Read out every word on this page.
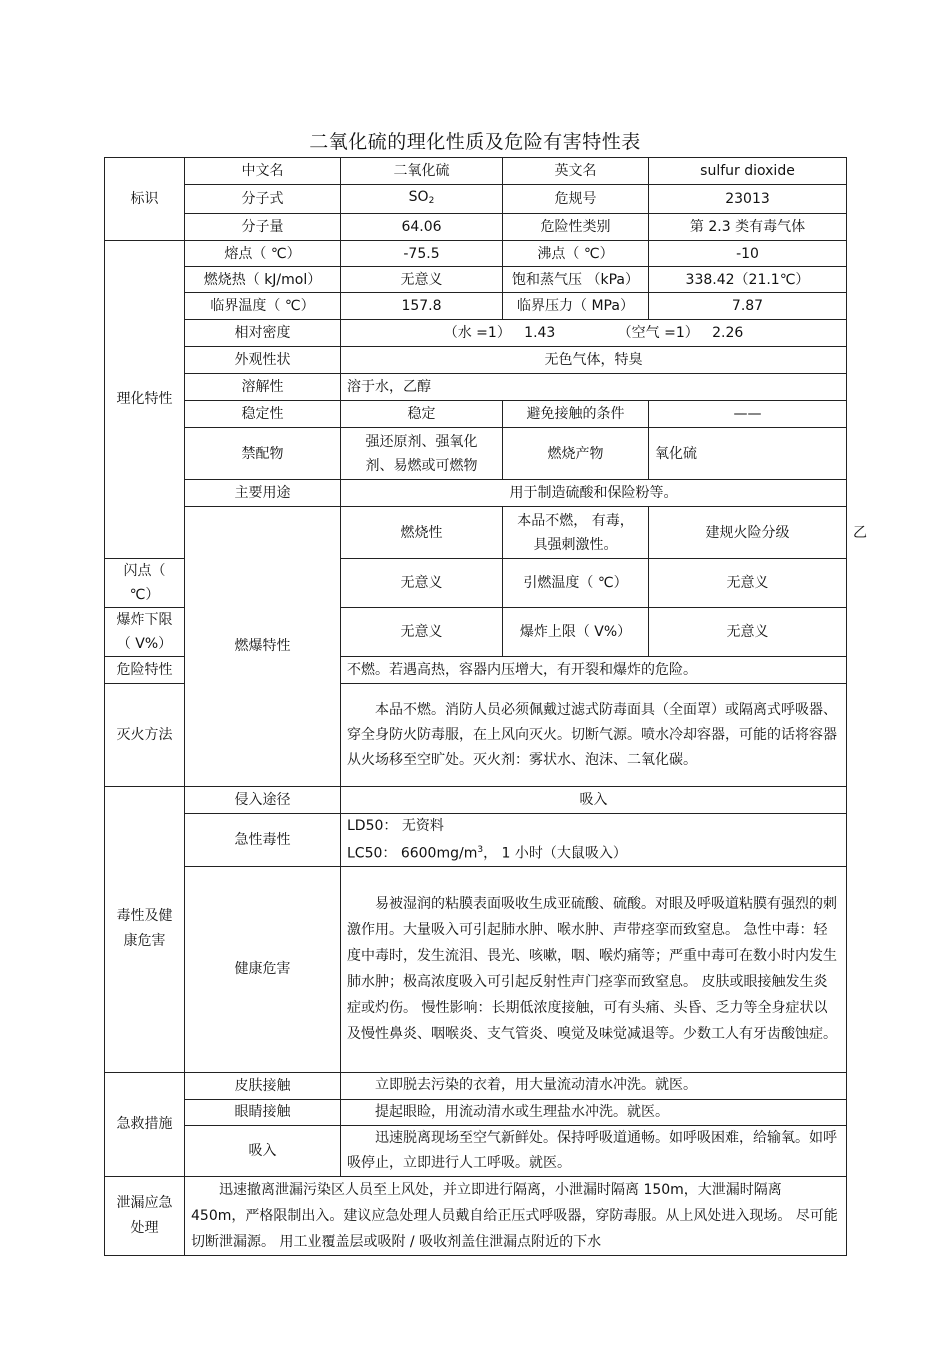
二氧化硫的理化性质及危险有害特性表
标识	中文名	二氧化硫	英文名	sulfur dioxide	
	分子式	$SO_2$	危规号	23013	
	分子量	64.06	危险性类别	第 2.3 类有毒气体	
理化特性	熔点（ ℃）	-75.5	沸点（ ℃）	-10	
	燃烧热（ kJ/mol）	无意义	饱和蒸气压 （kPa）	338.42（21.1℃）	
	临界温度（ ℃）	157.8	临界压力（ MPa）	7.87	
	相对密度	（水 =1）   1.43              （空气 =1）   2.26			
	外观性状	无色气体，特臭			
	溶解性	溶于水，乙醇			
	稳定性	稳定	避免接触的条件	——	
	禁配物	强还原剂、强氧化剂、易燃或可燃物	燃烧产物	氧化硫	
	主要用途	用于制造硫酸和保险粉等。			
	燃爆特性	燃烧性	本品不燃， 有毒， 具强刺激性。	建规火险分级	乙
闪点（ ℃）		无意义	引燃温度（ ℃）	无意义	
爆炸下限（ V%）		无意义	爆炸上限（ V%）	无意义	
危险特性		不燃。若遇高热，容器内压增大，有开裂和爆炸的危险。			
灭火方法		本品不燃。消防人员必须佩戴过滤式防毒面具（全面罩）或隔离式呼吸器、穿全身防火防毒服，在上风向灭火。切断气源。喷水冷却容器，可能的话将容器从火场移至空旷处。灭火剂：雾状水、泡沫、二氧化碳。			
毒性及健康危害	侵入途径	吸入			
	急性毒性	LD50： 无资料
LC50： $6600mg/m^3$， 1 小时（大鼠吸入）			

	健康危害	易被湿润的粘膜表面吸收生成亚硫酸、硫酸。对眼及呼吸道粘膜有强烈的刺激作用。大量吸入可引起肺水肿、喉水肿、声带痉挛而致窒息。 急性中毒：轻度中毒时，发生流泪、畏光、咳嗽，咽、喉灼痛等；严重中毒可在数小时内发生肺水肿；极高浓度吸入可引起反射性声门痉挛而致窒息。 皮肤或眼接触发生炎症或灼伤。 慢性影响：长期低浓度接触，可有头痛、头昏、乏力等全身症状以及慢性鼻炎、咽喉炎、支气管炎、嗅觉及味觉减退等。少数工人有牙齿酸蚀症。			
急救措施	皮肤接触	立即脱去污染的衣着，用大量流动清水冲洗。就医。			
	眼睛接触	提起眼睑，用流动清水或生理盐水冲洗。就医。			
	吸入	迅速脱离现场至空气新鲜处。保持呼吸道通畅。如呼吸困难，给输氧。如呼吸停止，立即进行人工呼吸。就医。			
泄漏应急处理	迅速撤离泄漏污染区人员至上风处，并立即进行隔离，小泄漏时隔离 150m，大泄漏时隔离 450m，严格限制出入。建议应急处理人员戴自给正压式呼吸器，穿防毒服。从上风处进入现场。 尽可能切断泄漏源。 用工业覆盖层或吸附 / 吸收剂盖住泄漏点附近的下水				
